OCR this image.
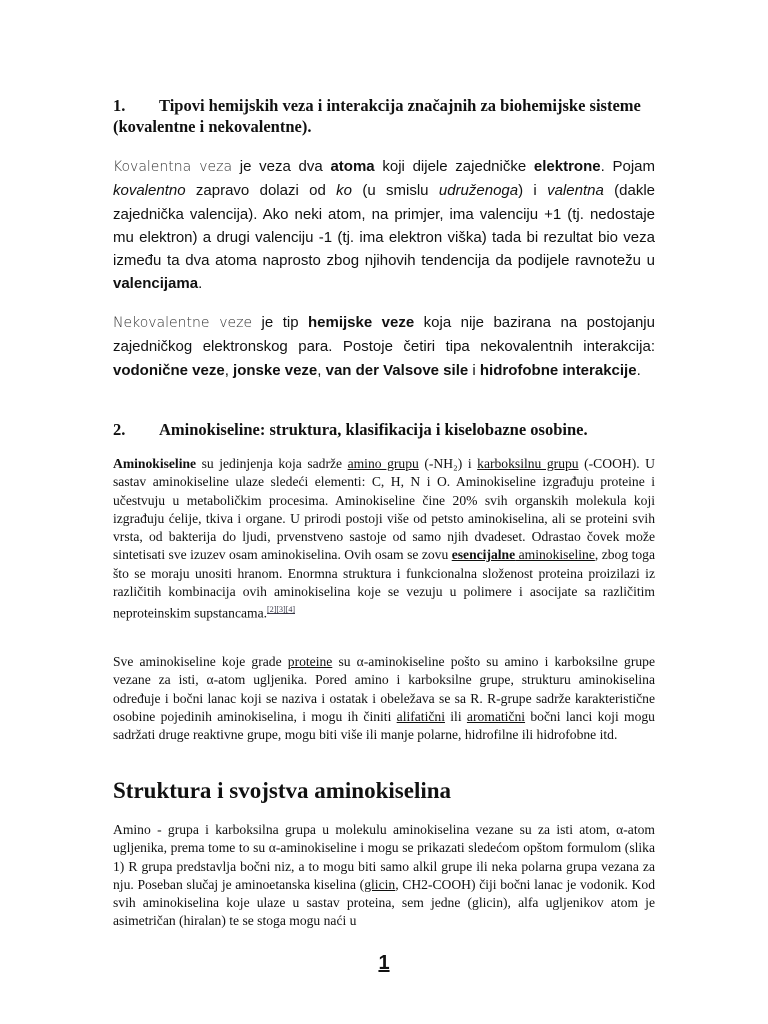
1. Tipovi hemijskih veza i interakcija značajnih za biohemijske sisteme (kovalentne i nekovalentne).
Kovalentna veza je veza dva atoma koji dijele zajedničke elektrone. Pojam kovalentno zapravo dolazi od ko (u smislu udruženoga) i valentna (dakle zajednička valencija). Ako neki atom, na primjer, ima valenciju +1 (tj. nedostaje mu elektron) a drugi valenciju -1 (tj. ima elektron viška) tada bi rezultat bio veza između ta dva atoma naprosto zbog njihovih tendencija da podijele ravnotežu u valencijama.
Nekovalentne veze je tip hemijske veze koja nije bazirana na postojanju zajedničkog elektronskog para. Postoje četiri tipa nekovalentnih interakcija: vodonične veze, jonske veze, van der Valsove sile i hidrofobne interakcije.
2. Aminokiseline: struktura, klasifikacija i kiselobazne osobine.
Aminokiseline su jedinjenja koja sadrže amino grupu (-NH₂) i karboksilnu grupu (-COOH). U sastav aminokiseline ulaze sledeći elementi: C, H, N i O. Aminokiseline izgrađuju proteine i učestvuju u metaboličkim procesima. Aminokiseline čine 20% svih organskih molekula koji izgrađuju ćelije, tkiva i organe. U prirodi postoji više od petsto aminokiselina, ali se proteini svih vrsta, od bakterija do ljudi, prvenstveno sastoje od samo njih dvadeset. Odrastao čovek može sintetisati sve izuzev osam aminokiselina. Ovih osam se zovu esencijalne aminokiseline, zbog toga što se moraju unositi hranom. Enormna struktura i funkcionalna složenost proteina proizilazi iz različitih kombinacija ovih aminokiselina koje se vezuju u polimere i asocijate sa različitim neproteinskim supstancama.[2][3][4]
Sve aminokiseline koje grade proteine su α-aminokiseline pošto su amino i karboksilne grupe vezane za isti, α-atom ugljenika. Pored amino i karboksilne grupe, strukturu aminokiselina određuje i bočni lanac koji se naziva i ostatak i obeležava se sa R. R-grupe sadrže karakteristične osobine pojedinih aminokiselina, i mogu ih činiti alifatični ili aromatični bočni lanci koji mogu sadržati druge reaktivne grupe, mogu biti više ili manje polarne, hidrofilne ili hidrofobne itd.
Struktura i svojstva aminokiselina
Amino - grupa i karboksilna grupa u molekulu aminokiselina vezane su za isti atom, α-atom ugljenika, prema tome to su α-aminokiseline i mogu se prikazati sledećom opštom formulom (slika 1) R grupa predstavlja bočni niz, a to mogu biti samo alkil grupe ili neka polarna grupa vezana za nju. Poseban slučaj je aminoetanska kiselina (glicin, CH2-COOH) čiji bočni lanac je vodonik. Kod svih aminokiselina koje ulaze u sastav proteina, sem jedne (glicin), alfa ugljenikov atom je asimetričan (hiralan) te se stoga mogu naći u
1
